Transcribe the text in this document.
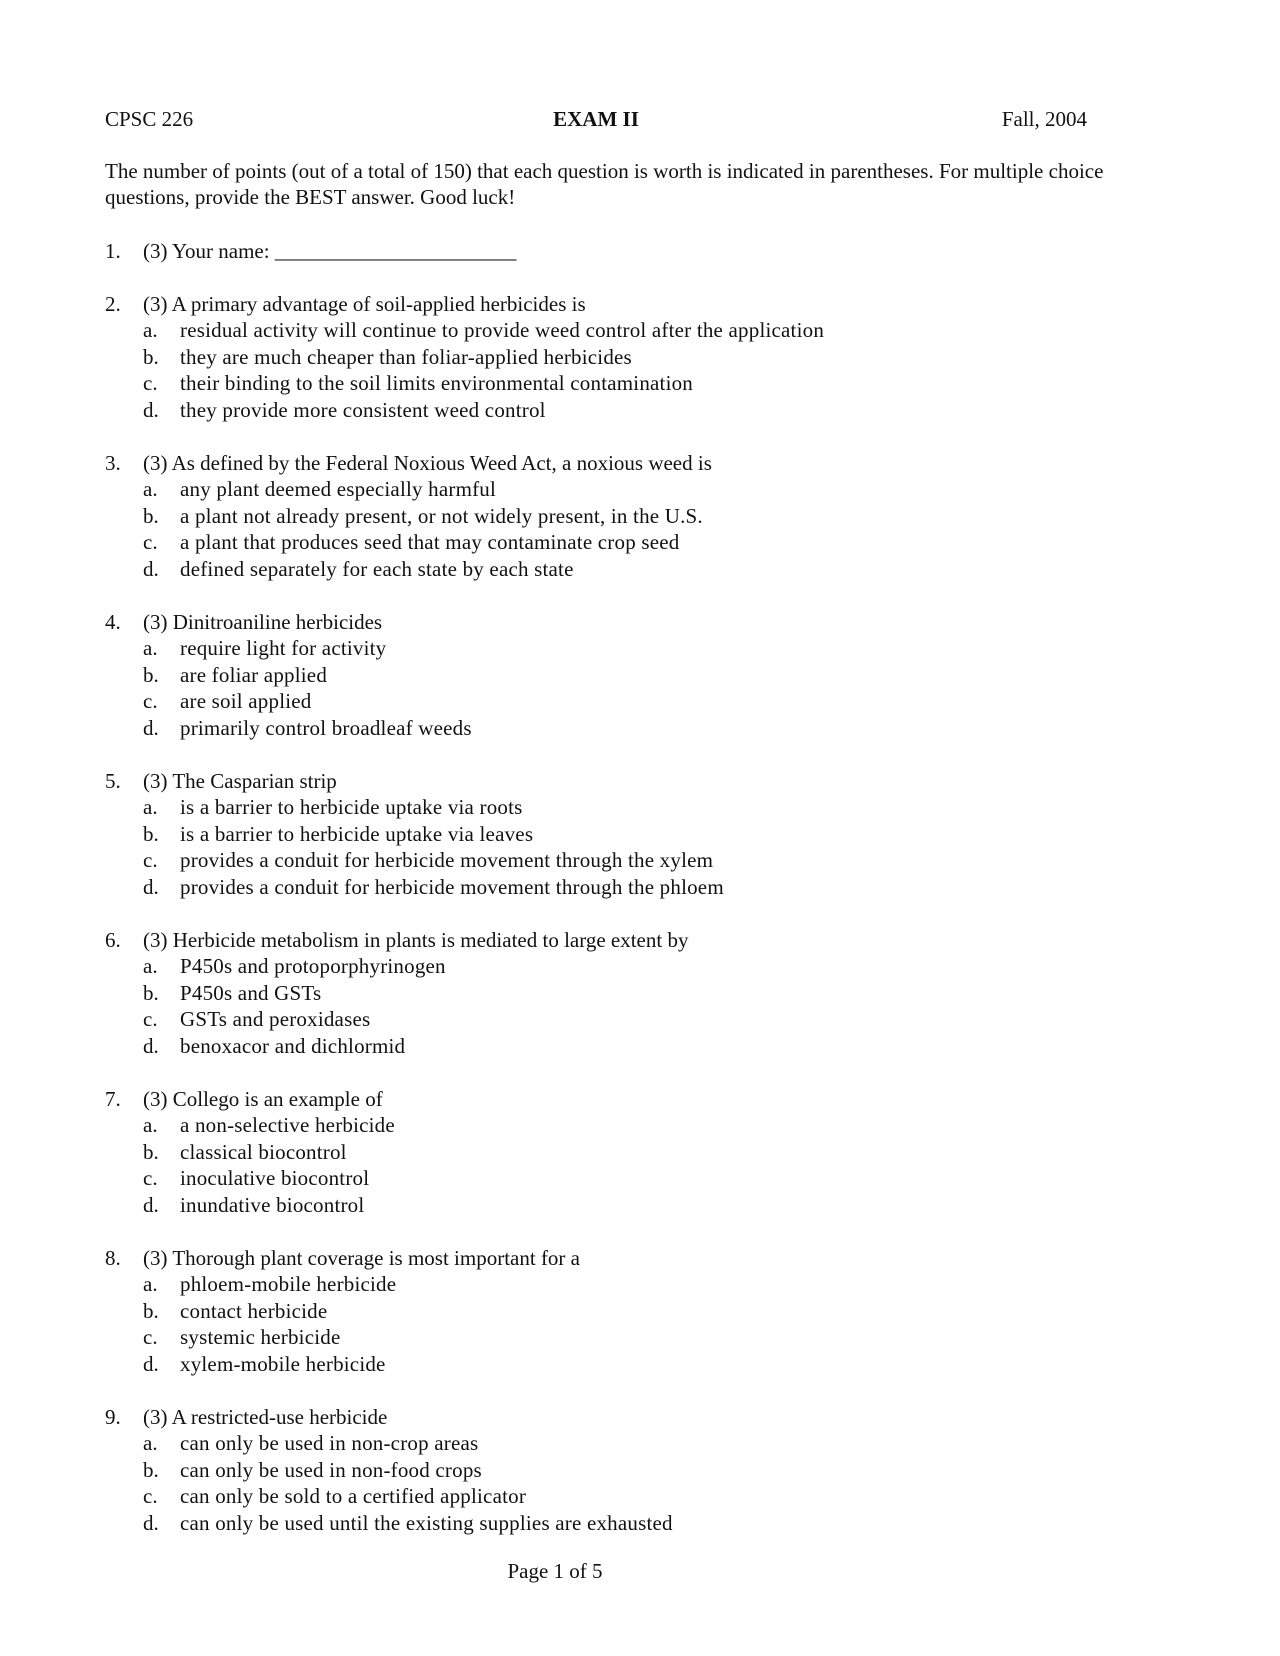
CPSC 226	EXAM II	Fall, 2004
The number of points (out of a total of 150) that each question is worth is indicated in parentheses. For multiple choice questions, provide the BEST answer. Good luck!
1. (3) Your name: _______________________
2. (3) A primary advantage of soil-applied herbicides is
a. residual activity will continue to provide weed control after the application
b. they are much cheaper than foliar-applied herbicides
c. their binding to the soil limits environmental contamination
d. they provide more consistent weed control
3. (3) As defined by the Federal Noxious Weed Act, a noxious weed is
a. any plant deemed especially harmful
b. a plant not already present, or not widely present, in the U.S.
c. a plant that produces seed that may contaminate crop seed
d. defined separately for each state by each state
4. (3) Dinitroaniline herbicides
a. require light for activity
b. are foliar applied
c. are soil applied
d. primarily control broadleaf weeds
5. (3) The Casparian strip
a. is a barrier to herbicide uptake via roots
b. is a barrier to herbicide uptake via leaves
c. provides a conduit for herbicide movement through the xylem
d. provides a conduit for herbicide movement through the phloem
6. (3) Herbicide metabolism in plants is mediated to large extent by
a. P450s and protoporphyrinogen
b. P450s and GSTs
c. GSTs and peroxidases
d. benoxacor and dichlormid
7. (3) Collego is an example of
a. a non-selective herbicide
b. classical biocontrol
c. inoculative biocontrol
d. inundative biocontrol
8. (3) Thorough plant coverage is most important for a
a. phloem-mobile herbicide
b. contact herbicide
c. systemic herbicide
d. xylem-mobile herbicide
9. (3) A restricted-use herbicide
a. can only be used in non-crop areas
b. can only be used in non-food crops
c. can only be sold to a certified applicator
d. can only be used until the existing supplies are exhausted
Page 1 of 5
